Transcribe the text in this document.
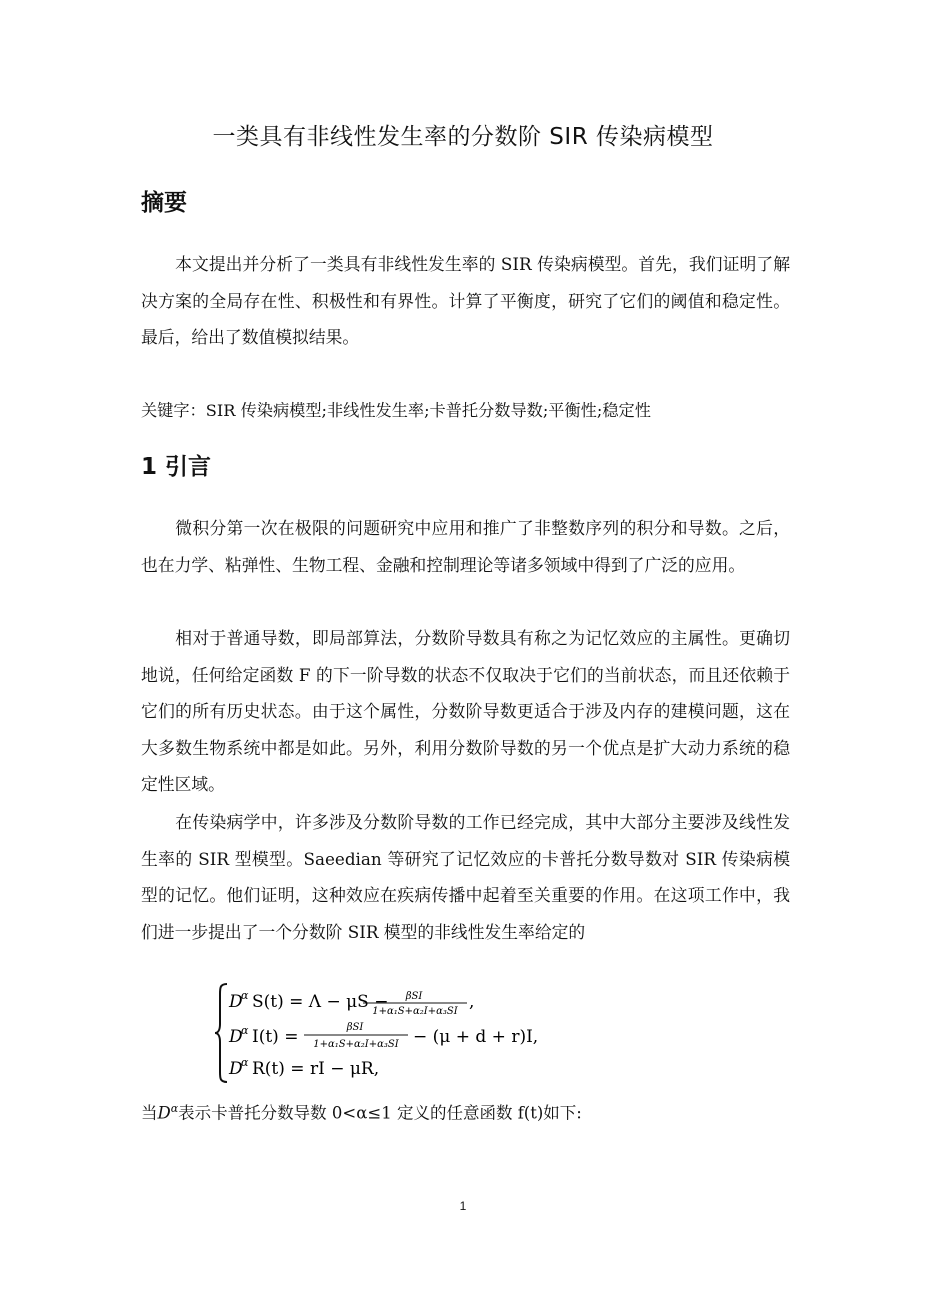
一类具有非线性发生率的分数阶 SIR 传染病模型
摘要
本文提出并分析了一类具有非线性发生率的 SIR 传染病模型。首先，我们证明了解决方案的全局存在性、积极性和有界性。计算了平衡度，研究了它们的阈值和稳定性。最后，给出了数值模拟结果。
关键字：SIR 传染病模型;非线性发生率;卡普托分数导数;平衡性;稳定性
1 引言
微积分第一次在极限的问题研究中应用和推广了非整数序列的积分和导数。之后，也在力学、粘弹性、生物工程、金融和控制理论等诸多领域中得到了广泛的应用。
相对于普通导数，即局部算法，分数阶导数具有称之为记忆效应的主属性。更确切地说，任何给定函数 F 的下一阶导数的状态不仅取决于它们的当前状态，而且还依赖于它们的所有历史状态。由于这个属性，分数阶导数更适合于涉及内存的建模问题，这在大多数生物系统中都是如此。另外，利用分数阶导数的另一个优点是扩大动力系统的稳定性区域。
在传染病学中，许多涉及分数阶导数的工作已经完成，其中大部分主要涉及线性发生率的 SIR 型模型。Saeedian 等研究了记忆效应的卡普托分数导数对 SIR 传染病模型的记忆。他们证明，这种效应在疾病传播中起着至关重要的作用。在这项工作中，我们进一步提出了一个分数阶 SIR 模型的非线性发生率给定的
D
α S(t) = Λ − μS − βSI
1+α₁S+α₂I+α₃SI ,
D
α I(t) =	βSI
1+α₁S+α₂I+α₃SI − (μ + d + r)I,
D
α R(t) = rI − μR,
当$D^\alpha$表示卡普托分数导数 0<α≤1 定义的任意函数 f(t)如下:
1
